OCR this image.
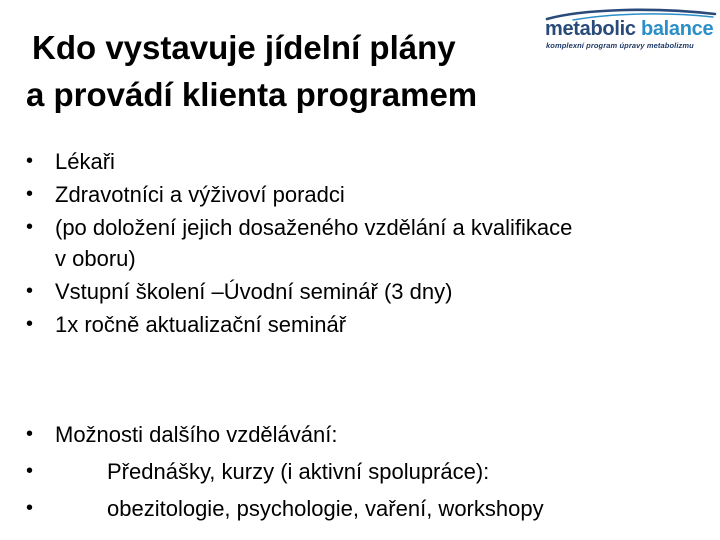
Kdo vystavuje jídelní plány
a provádí klienta programem
metabolic balance
komplexní program úpravy metabolizmu
• Lékaři
• Zdravotníci a výživoví poradci
• (po doložení jejich dosaženého vzdělání a kvalifikace v oboru)
• Vstupní školení –Úvodní seminář (3 dny)
• 1x ročně aktualizační seminář
• Možnosti dalšího vzdělávání:
•	Přednášky, kurzy (i aktivní spolupráce):
•	obezitologie, psychologie, vaření, workshopy
